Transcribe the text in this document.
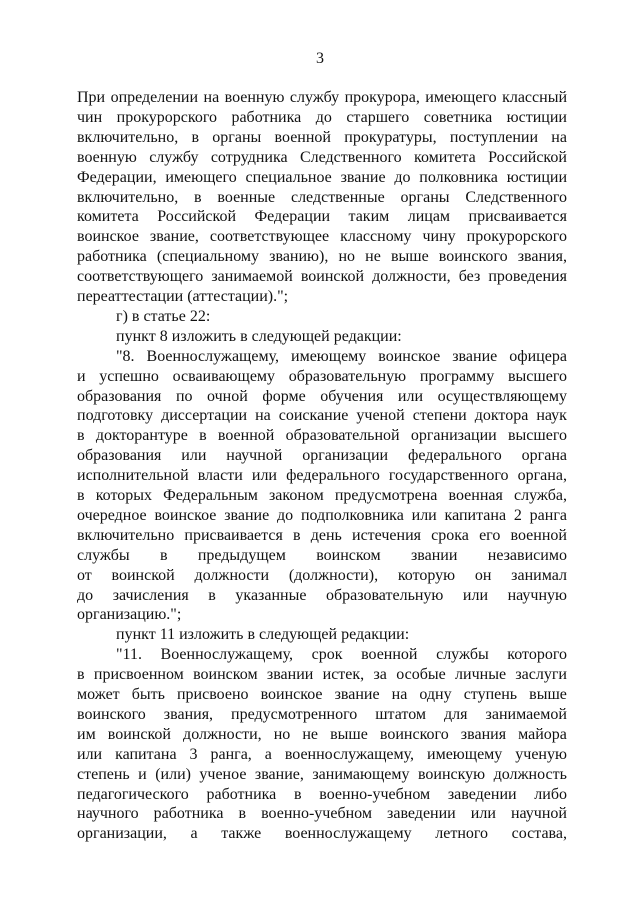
3
При определении на военную службу прокурора, имеющего классный
чин прокурорского работника до старшего советника юстиции
включительно, в органы военной прокуратуры, поступлении на
военную службу сотрудника Следственного комитета Российской
Федерации, имеющего специальное звание до полковника юстиции
включительно, в военные следственные органы Следственного
комитета Российской Федерации таким лицам присваивается
воинское звание, соответствующее классному чину прокурорского
работника (специальному званию), но не выше воинского звания,
соответствующего занимаемой воинской должности, без проведения
переаттестации (аттестации).";
г) в статье 22:
пункт 8 изложить в следующей редакции:
"8. Военнослужащему, имеющему воинское звание офицера
и успешно осваивающему образовательную программу высшего
образования по очной форме обучения или осуществляющему
подготовку диссертации на соискание ученой степени доктора наук
в докторантуре в военной образовательной организации высшего
образования или научной организации федерального органа
исполнительной власти или федерального государственного органа,
в которых Федеральным законом предусмотрена военная служба,
очередное воинское звание до подполковника или капитана 2 ранга
включительно присваивается в день истечения срока его военной
службы в предыдущем воинском звании независимо
от воинской должности (должности), которую он занимал
до зачисления в указанные образовательную или научную
организацию.";
пункт 11 изложить в следующей редакции:
"11. Военнослужащему, срок военной службы которого
в присвоенном воинском звании истек, за особые личные заслуги
может быть присвоено воинское звание на одну ступень выше
воинского звания, предусмотренного штатом для занимаемой
им воинской должности, но не выше воинского звания майора
или капитана 3 ранга, а военнослужащему, имеющему ученую
степень и (или) ученое звание, занимающему воинскую должность
педагогического работника в военно-учебном заведении либо
научного работника в военно-учебном заведении или научной
организации, а также военнослужащему летного состава,
